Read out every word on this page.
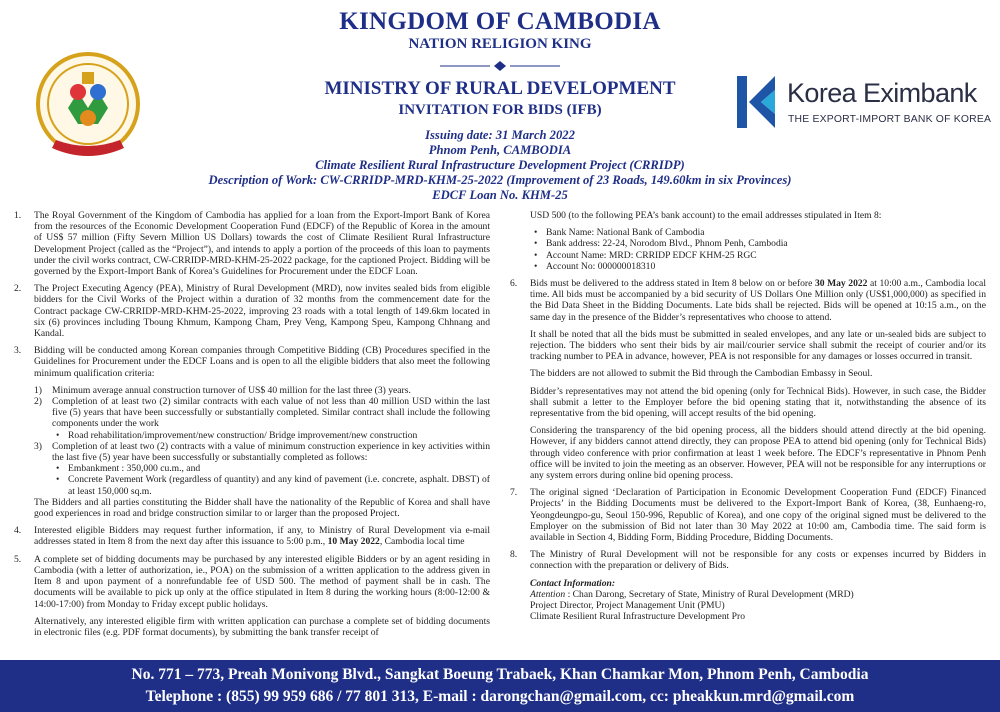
KINGDOM OF CAMBODIA
NATION RELIGION KING
MINISTRY OF RURAL DEVELOPMENT
INVITATION FOR BIDS (IFB)
Issuing date: 31 March 2022
Phnom Penh, CAMBODIA
Climate Resilient Rural Infrastructure Development Project (CRRIDP)
Description of Work: CW-CRRIDP-MRD-KHM-25-2022 (Improvement of 23 Roads, 149.60km in six Provinces)
EDCF Loan No. KHM-25
Korea Eximbank
THE EXPORT-IMPORT BANK OF KOREA
1. The Royal Government of the Kingdom of Cambodia has applied for a loan from the Export-Import Bank of Korea from the resources of the Economic Development Cooperation Fund (EDCF) of the Republic of Korea in the amount of US$ 57 million (Fifty Severn Million US Dollars) towards the cost of Climate Resilient Rural Infrastructure Development Project (called as the “Project”), and intends to apply a portion of the proceeds of this loan to payments under the civil works contract, CW-CRRIDP-MRD-KHM-25-2022 package, for the captioned Project. Bidding will be governed by the Export-Import Bank of Korea’s Guidelines for Procurement under the EDCF Loan.
2. The Project Executing Agency (PEA), Ministry of Rural Development (MRD), now invites sealed bids from eligible bidders for the Civil Works of the Project within a duration of 32 months from the commencement date for the Contract package CW-CRRIDP-MRD-KHM-25-2022, improving 23 roads with a total length of 149.6km located in six (6) provinces including Tboung Khmum, Kampong Cham, Prey Veng, Kampong Speu, Kampong Chhnang and Kandal.
3. Bidding will be conducted among Korean companies through Competitive Bidding (CB) Procedures specified in the Guidelines for Procurement under the EDCF Loans and is open to all the eligible bidders that also meet the following minimum qualification criteria:
1) Minimum average annual construction turnover of US$ 40 million for the last three (3) years.
2) Completion of at least two (2) similar contracts with each value of not less than 40 million USD within the last five (5) years that have been successfully or substantially completed. Similar contract shall include the following components under the work
• Road rehabilitation/improvement/new construction/ Bridge improvement/new construction
3) Completion of at least two (2) contracts with a value of minimum construction experience in key activities within the last five (5) year have been successfully or substantially completed as follows:
• Embankment : 350,000 cu.m., and
• Concrete Pavement Work (regardless of quantity) and any kind of pavement (i.e. concrete, asphalt. DBST) of at least 150,000 sq.m.
The Bidders and all parties constituting the Bidder shall have the nationality of the Republic of Korea and shall have good experiences in road and bridge construction similar to or larger than the proposed Project.
4. Interested eligible Bidders may request further information, if any, to Ministry of Rural Development via e-mail addresses stated in Item 8 from the next day after this issuance to 5:00 p.m., 10 May 2022, Cambodia local time
5. A complete set of bidding documents may be purchased by any interested eligible Bidders or by an agent residing in Cambodia (with a letter of authorization, ie., POA) on the submission of a written application to the address given in Item 8 and upon payment of a nonrefundable fee of USD 500. The method of payment shall be in cash. The documents will be available to pick up only at the office stipulated in Item 8 during the working hours (8:00-12:00 & 14:00-17:00) from Monday to Friday except public holidays.
Alternatively, any interested eligible firm with written application can purchase a complete set of bidding documents in electronic files (e.g. PDF format documents), by submitting the bank transfer receipt of
USD 500 (to the following PEA’s bank account) to the email addresses stipulated in Item 8:
• Bank Name: National Bank of Cambodia
• Bank address: 22-24, Norodom Blvd., Phnom Penh, Cambodia
• Account Name: MRD: CRRIDP EDCF KHM-25 RGC
• Account No: 000000018310
6. Bids must be delivered to the address stated in Item 8 below on or before 30 May 2022 at 10:00 a.m., Cambodia local time. All bids must be accompanied by a bid security of US Dollars One Million only (US$1,000,000) as specified in the Bid Data Sheet in the Bidding Documents. Late bids shall be rejected. Bids will be opened at 10:15 a.m., on the same day in the presence of the Bidder’s representatives who choose to attend.
It shall be noted that all the bids must be submitted in sealed envelopes, and any late or un-sealed bids are subject to rejection. The bidders who sent their bids by air mail/courier service shall submit the receipt of courier and/or its tracking number to PEA in advance, however, PEA is not responsible for any damages or losses occurred in transit.
The bidders are not allowed to submit the Bid through the Cambodian Embassy in Seoul.
Bidder’s representatives may not attend the bid opening (only for Technical Bids). However, in such case, the Bidder shall submit a letter to the Employer before the bid opening stating that it, notwithstanding the absence of its representative from the bid opening, will accept results of the bid opening.
Considering the transparency of the bid opening process, all the bidders should attend directly at the bid opening. However, if any bidders cannot attend directly, they can propose PEA to attend bid opening (only for Technical Bids) through video conference with prior confirmation at least 1 week before. The EDCF’s representative in Phnom Penh office will be invited to join the meeting as an observer. However, PEA will not be responsible for any interruptions or any system errors during online bid opening process.
7. The original signed ‘Declaration of Participation in Economic Development Cooperation Fund (EDCF) Financed Projects’ in the Bidding Documents must be delivered to the Export-Import Bank of Korea, (38, Eunhaeng-ro, Yeongdeungpo-gu, Seoul 150-996, Republic of Korea), and one copy of the original signed must be delivered to the Employer on the submission of Bid not later than 30 May 2022 at 10:00 am, Cambodia time. The said form is available in Section 4, Bidding Form, Bidding Procedure, Bidding Documents.
8. The Ministry of Rural Development will not be responsible for any costs or expenses incurred by Bidders in connection with the preparation or delivery of Bids.
Contact Information:
Attention : Chan Darong, Secretary of State, Ministry of Rural Development (MRD)
Project Director, Project Management Unit (PMU)
Climate Resilient Rural Infrastructure Development Pro
No. 771 – 773, Preah Monivong Blvd., Sangkat Boeung Trabaek, Khan Chamkar Mon, Phnom Penh, Cambodia
Telephone : (855) 99 959 686 / 77 801 313, E-mail : darongchan@gmail.com, cc: pheakkun.mrd@gmail.com
